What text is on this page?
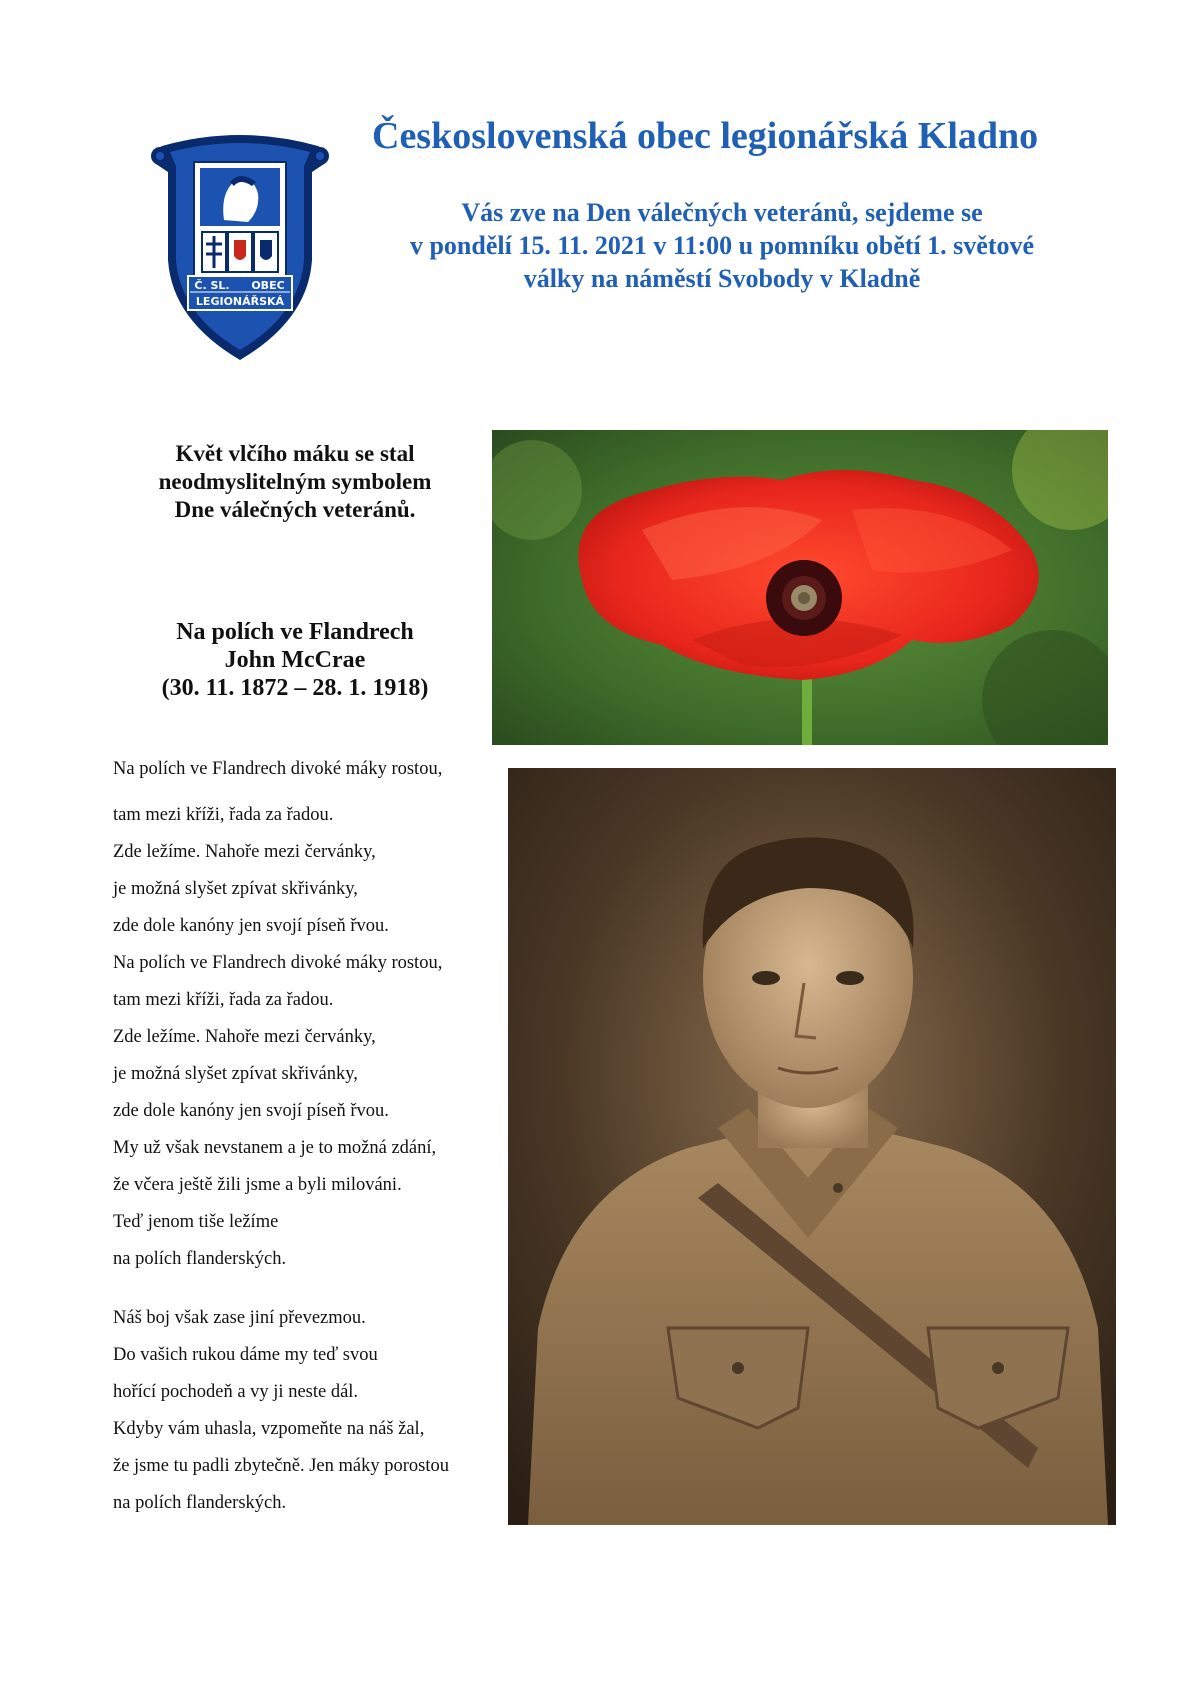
Č. SL. OBEC
LEGIONÁŘSKÁ
Československá obec legionářská Kladno
Vás zve na Den válečných veteránů, sejdeme se
v pondělí 15. 11. 2021 v 11:00 u pomníku obětí 1. světové
války na náměstí Svobody v Kladně
Květ vlčího máku se stal
neodmyslitelným symbolem
Dne válečných veteránů.
Na polích ve Flandrech
John McCrae
(30. 11. 1872 – 28. 1. 1918)
Na polích ve Flandrech divoké máky rostou,
tam mezi kříži, řada za řadou.
Zde ležíme. Nahoře mezi červánky,
je možná slyšet zpívat skřivánky,
zde dole kanóny jen svojí píseň řvou.
Na polích ve Flandrech divoké máky rostou,
tam mezi kříži, řada za řadou.
Zde ležíme. Nahoře mezi červánky,
je možná slyšet zpívat skřivánky,
zde dole kanóny jen svojí píseň řvou.
My už však nevstanem a je to možná zdání,
že včera ještě žili jsme a byli milováni.
Teď jenom tiše ležíme
na polích flanderských.
Náš boj však zase jiní převezmou.
Do vašich rukou dáme my teď svou
hořící pochodeň a vy ji neste dál.
Kdyby vám uhasla, vzpomeňte na náš žal,
že jsme tu padli zbytečně. Jen máky porostou
na polích flanderských.
